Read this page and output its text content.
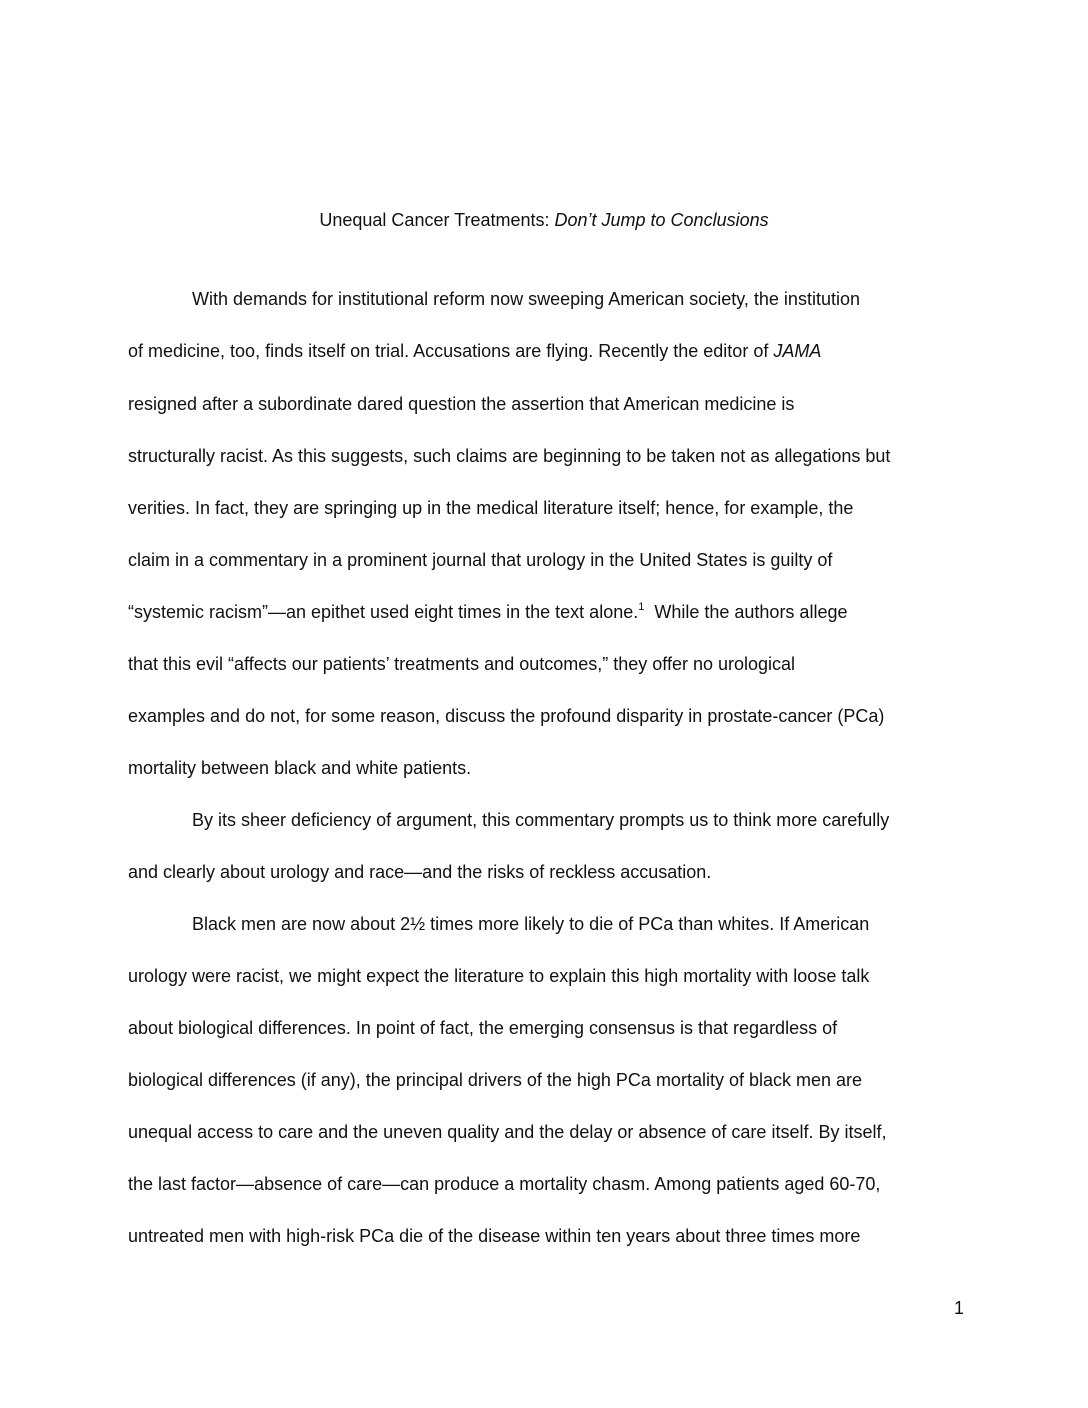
Unequal Cancer Treatments: Don’t Jump to Conclusions
With demands for institutional reform now sweeping American society, the institution
of medicine, too, finds itself on trial. Accusations are flying. Recently the editor of JAMA
resigned after a subordinate dared question the assertion that American medicine is
structurally racist. As this suggests, such claims are beginning to be taken not as allegations but
verities. In fact, they are springing up in the medical literature itself; hence, for example, the
claim in a commentary in a prominent journal that urology in the United States is guilty of
“systemic racism”—an epithet used eight times in the text alone.$^1$  While the authors allege
that this evil “affects our patients’ treatments and outcomes,” they offer no urological
examples and do not, for some reason, discuss the profound disparity in prostate-cancer (PCa)
mortality between black and white patients.
By its sheer deficiency of argument, this commentary prompts us to think more carefully
and clearly about urology and race—and the risks of reckless accusation.
Black men are now about 2½ times more likely to die of PCa than whites. If American
urology were racist, we might expect the literature to explain this high mortality with loose talk
about biological differences. In point of fact, the emerging consensus is that regardless of
biological differences (if any), the principal drivers of the high PCa mortality of black men are
unequal access to care and the uneven quality and the delay or absence of care itself. By itself,
the last factor—absence of care—can produce a mortality chasm. Among patients aged 60-70,
untreated men with high-risk PCa die of the disease within ten years about three times more
1
